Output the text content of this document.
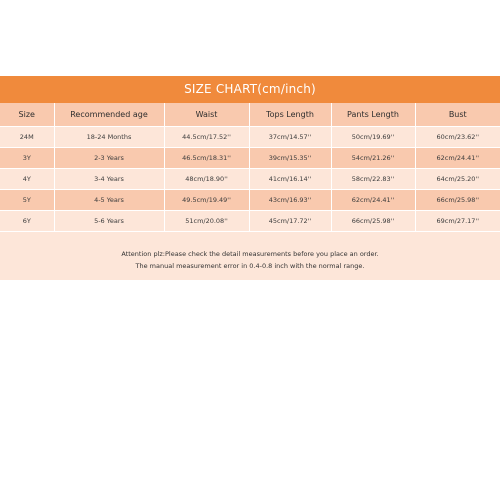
SIZE CHART(cm/inch)
Size	Recommended age	Waist	Tops Length	Pants Length	Bust
24M	18-24 Months	44.5cm/17.52''	37cm/14.57''	50cm/19.69''	60cm/23.62''
3Y	2-3 Years	46.5cm/18.31''	39cm/15.35''	54cm/21.26''	62cm/24.41''
4Y	3-4 Years	48cm/18.90''	41cm/16.14''	58cm/22.83''	64cm/25.20''
5Y	4-5 Years	49.5cm/19.49''	43cm/16.93''	62cm/24.41''	66cm/25.98''
6Y	5-6 Years	51cm/20.08''	45cm/17.72''	66cm/25.98''	69cm/27.17''
Attention plz:Please check the detail measurements before you place an order.
The manual measurement error in 0.4-0.8 inch with the normal range.
